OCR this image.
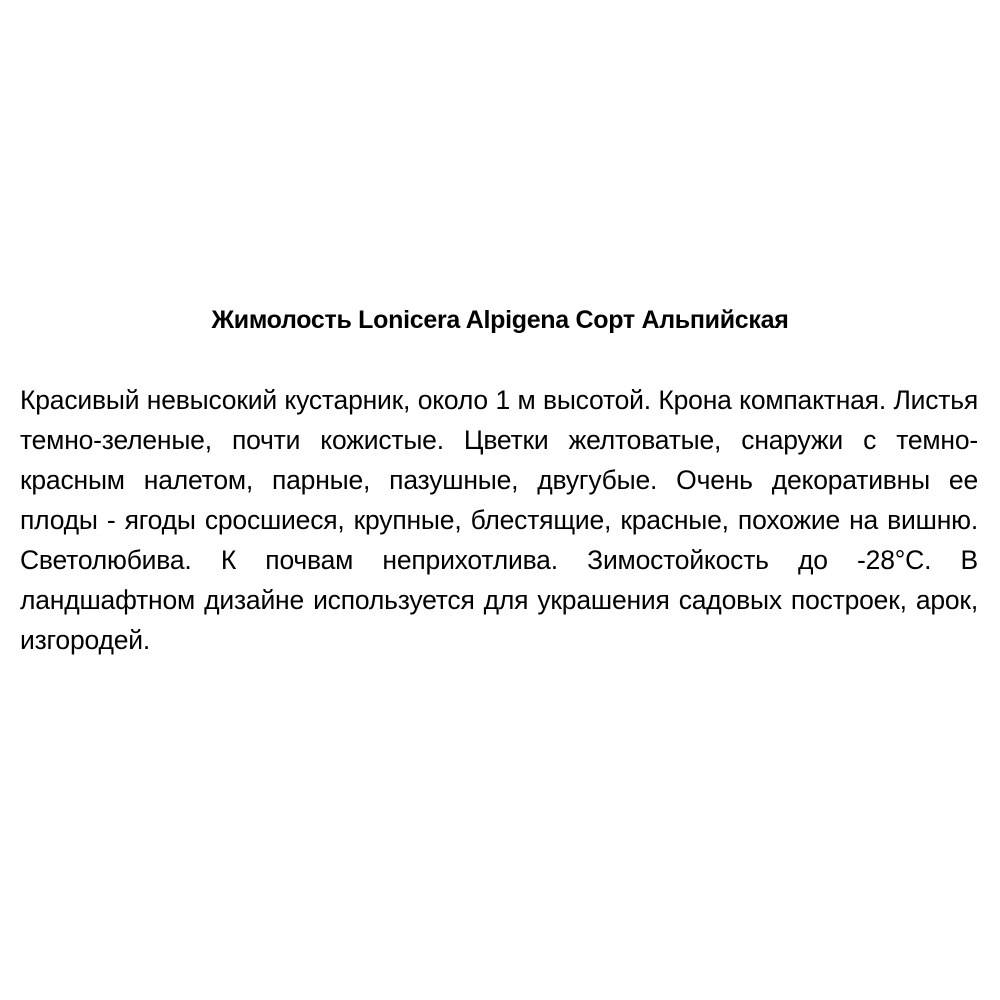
Жимолость Lonicera Alpigena Сорт Альпийская

Красивый невысокий кустарник, около 1 м высотой. Крона компактная. Листья темно-зеленые, почти кожистые. Цветки желтоватые, снаружи с темно-красным налетом, парные, пазушные, двугубые. Очень декоративны ее плоды - ягоды сросшиеся, крупные, блестящие, красные, похожие на вишню. Светолюбива. К почвам неприхотлива. Зимостойкость до -28°С. В ландшафтном дизайне используется для украшения садовых построек, арок, изгородей.
